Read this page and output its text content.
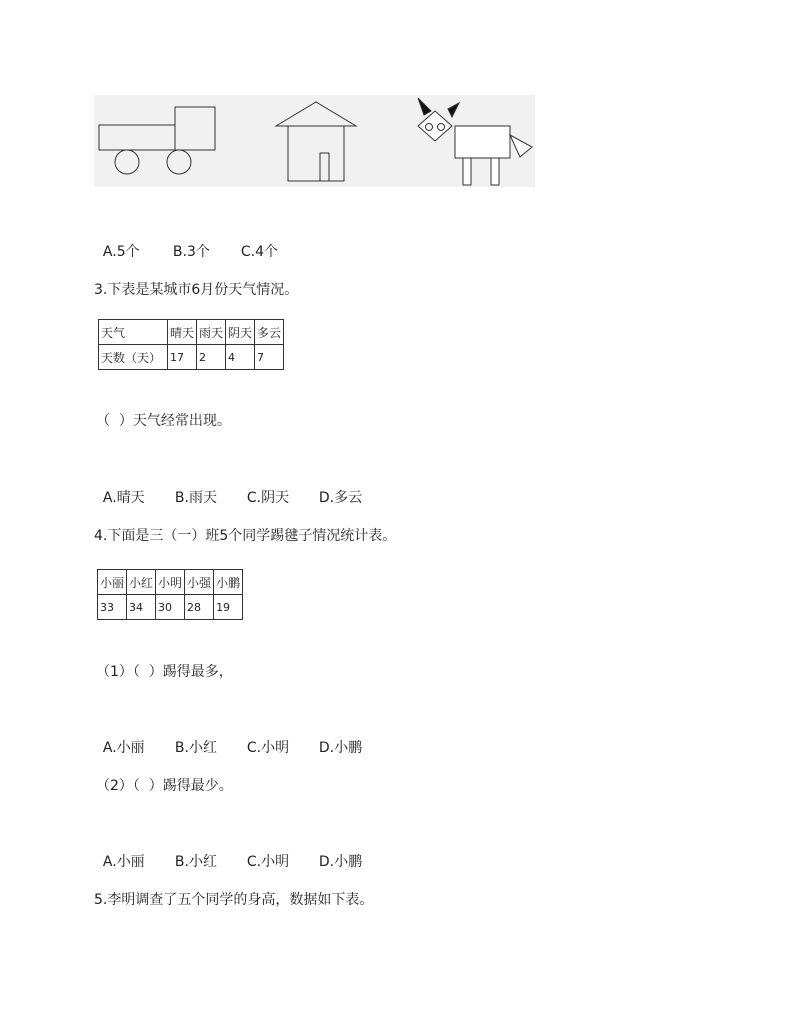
A.5个 B.3个 C.4个

3.下表是某城市6月份天气情况。
天气	晴天	雨天	阴天	多云
天数（天）	17	2	4	7
（  ）天气经常出现。

A.晴天 B.雨天 C.阴天 D.多云

4.下面是三（一）班5个同学踢毽子情况统计表。
小丽	小红	小明	小强	小鹏
33	34	30	28	19
（1）（  ）踢得最多，

A.小丽 B.小红 C.小明 D.小鹏

（2）（  ）踢得最少。

A.小丽 B.小红 C.小明 D.小鹏

5.李明调查了五个同学的身高，数据如下表。
